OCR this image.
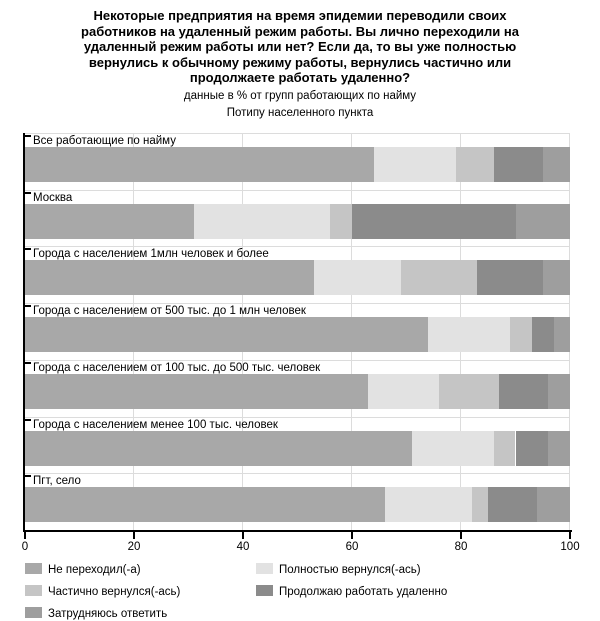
Некоторые предприятия на время эпидемии переводили своих работников на удаленный режим работы. Вы лично переходили на удаленный режим работы или нет? Если да, то вы уже полностью вернулись к обычному режиму работы, вернулись частично или продолжаете работать удаленно?
данные в % от групп работающих по найму
Потипу населенного пункта
Все работающие по найму
Москва
Города с населением 1млн человек и более
Города с населением от 500 тыс. до 1 млн человек
Города с населением от 100 тыс. до 500 тыс. человек
Города с населением менее 100 тыс. человек
Пгт, село
0	20	40	60	80	100
Не переходил(-а)
Частично вернулся(-ась)
Затрудняюсь ответить
Полностью вернулся(-ась)
Продолжаю работать удаленно
